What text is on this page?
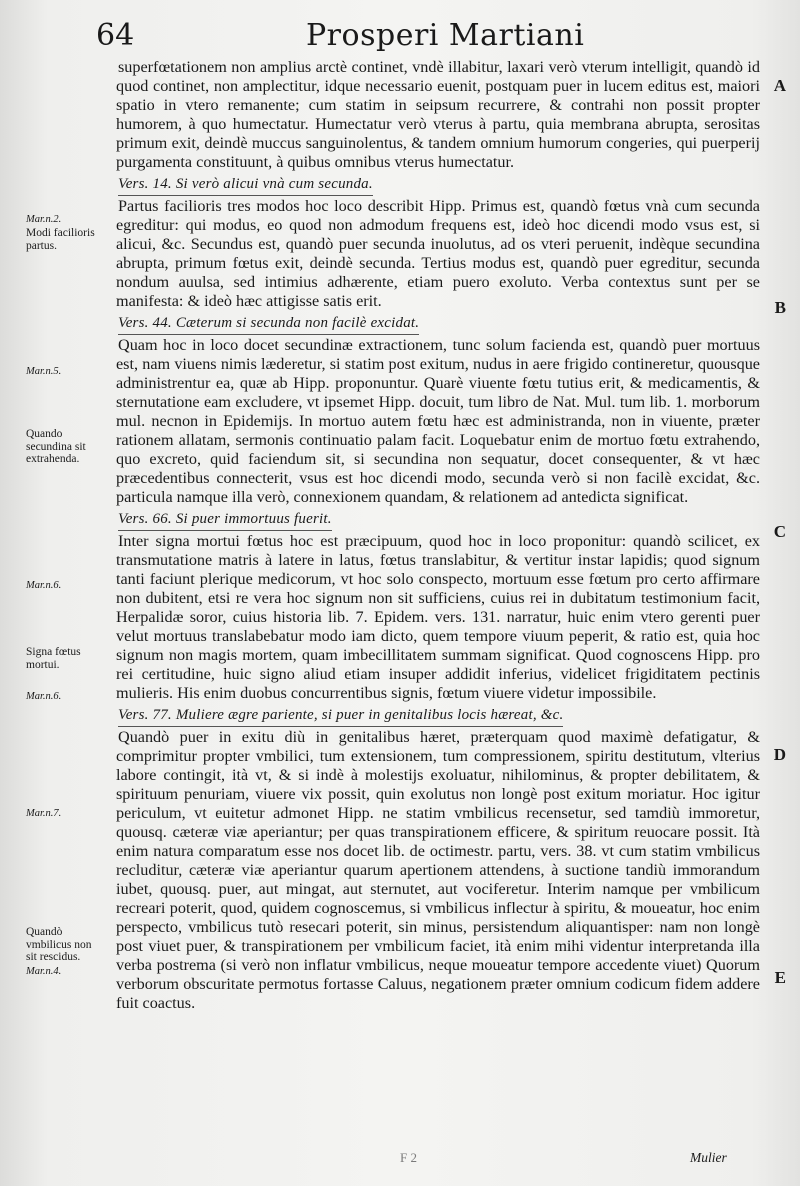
64	Prosperi Martiani

superfœtationem non amplius arctè continet, vndè illabitur, laxari verò vterum intelligit, quandò id quod continet, non amplectitur, idque necessario euenit, postquam puer in lucem editus est, maiori spatio in vtero remanente; cum statim in seipsum recurrere, & contrahi non possit propter humorem, à quo humectatur. Humectatur verò vterus à partu, quia membrana abrupta, serositas primum exit, deindè muccus sanguinolentus, & tandem omnium humorum congeries, qui puerperij purgamenta constituunt, à quibus omnibus vterus humectatur.

Vers. 14. Si verò alicui vnà cum secunda.

Partus facilioris tres modos hoc loco describit Hipp. Primus est, quandò fœtus vnà cum secunda egreditur: qui modus, eo quod non admodum frequens est, ideò hoc dicendi modo vsus est, si alicui, &c. Secundus est, quandò puer secunda inuolutus, ad os vteri peruenit, indèque secundina abrupta, primum fœtus exit, deindè secunda. Tertius modus est, quandò puer egreditur, secunda nondum auulsa, sed intimius adhærente, etiam puero exoluto. Verba contextus sunt per se manifesta: & ideò hæc attigisse satis erit.

Vers. 44. Cæterum si secunda non facilè excidat.

Quam hoc in loco docet secundinæ extractionem, tunc solum facienda est, quandò puer mortuus est, nam viuens nimis læderetur, si statim post exitum, nudus in aere frigido contineretur, quousque administrentur ea, quæ ab Hipp. proponuntur. Quarè viuente fœtu tutius erit, & medicamentis, & sternutatione eam excludere, vt ipsemet Hipp. docuit, tum libro de Nat. Mul. tum lib. 1. morborum mul. necnon in Epidemijs. In mortuo autem fœtu hæc est administranda, non in viuente, præter rationem allatam, sermonis continuatio palam facit. Loquebatur enim de mortuo fœtu extrahendo, quo excreto, quid faciendum sit, si secundina non sequatur, docet consequenter, & vt hæc præcedentibus connecterit, vsus est hoc dicendi modo, secunda verò si non facilè excidat, &c. particula namque illa verò, connexionem quandam, & relationem ad antedicta significat.

Vers. 66. Si puer immortuus fuerit.

Inter signa mortui fœtus hoc est præcipuum, quod hoc in loco proponitur: quandò scilicet, ex transmutatione matris à latere in latus, fœtus translabitur, & vertitur instar lapidis; quod signum tanti faciunt plerique medicorum, vt hoc solo conspecto, mortuum esse fœtum pro certo affirmare non dubitent, etsi re vera hoc signum non sit sufficiens, cuius rei in dubitatum testimonium facit, Herpalidæ soror, cuius historia lib. 7. Epidem. vers. 131. narratur, huic enim vtero gerenti puer velut mortuus translabebatur modo iam dicto, quem tempore viuum peperit, & ratio est, quia hoc signum non magis mortem, quam imbecillitatem summam significat. Quod cognoscens Hipp. pro rei certitudine, huic signo aliud etiam insuper addidit inferius, videlicet frigiditatem pectinis mulieris. His enim duobus concurrentibus signis, fœtum viuere videtur impossibile.

Vers. 77. Muliere ægre pariente, si puer in genitalibus locis hæreat, &c.

Quandò puer in exitu diù in genitalibus hæret, præterquam quod maximè defatigatur, & comprimitur propter vmbilici, tum extensionem, tum compressionem, spiritu destitutum, vlterius labore contingit, ità vt, & si indè à molestijs exoluatur, nihilominus, & propter debilitatem, & spirituum penuriam, viuere vix possit, quin exolutus non longè post exitum moriatur. Hoc igitur periculum, vt euitetur admonet Hipp. ne statim vmbilicus recensetur, sed tamdiù immoretur, quousq. cæteræ viæ aperiantur; per quas transpirationem efficere, & spiritum reuocare possit. Ità enim natura comparatum esse nos docet lib. de octimestr. partu, vers. 38. vt cum statim vmbilicus recluditur, cæteræ viæ aperiantur quarum apertionem attendens, à suctione tandiù immorandum iubet, quousq. puer, aut mingat, aut sternutet, aut vociferetur. Interim namque per vmbilicum recreari poterit, quod, quidem cognoscemus, si vmbilicus inflectur à spiritu, & moueatur, hoc enim perspecto, vmbilicus tutò resecari poterit, sin minus, persistendum aliquantisper: nam non longè post viuet puer, & transpirationem per vmbilicum faciet, ità enim mihi videntur interpretanda illa verba postrema (si verò non inflatur vmbilicus, neque moueatur tempore accedente viuet) Quorum verborum obscuritate permotus fortasse Caluus, negationem præter omnium codicum fidem addere fuit coactus.

Mar.n.2.
Modi facilioris partus.
Mar.n.5.
Quando secundina sit extrahenda.
Mar.n.6.
Signa fœtus mortui.
Mar.n.6.
Mar.n.7.
Quandò vmbilicus non sit rescidus.
Mar.n.4.
A
B
C
D
E
F 2	Mulier
